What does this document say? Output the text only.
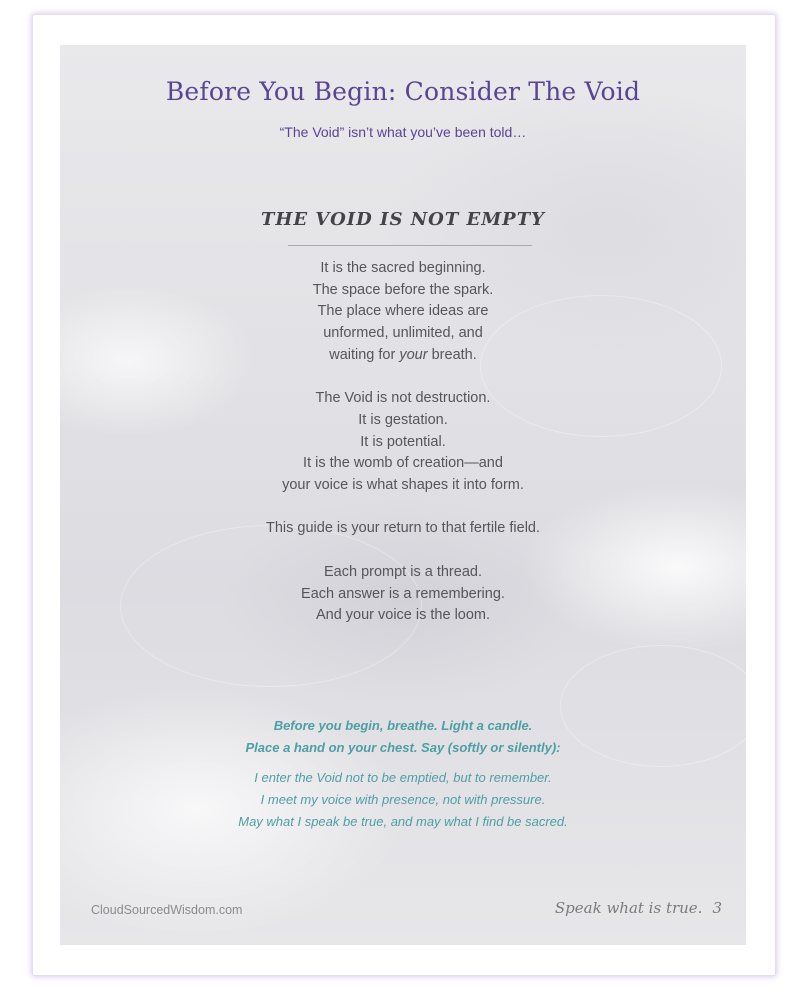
Before You Begin: Consider The Void
“The Void” isn’t what you’ve been told…
THE VOID IS NOT EMPTY
It is the sacred beginning.
The space before the spark.
The place where ideas are
unformed, unlimited, and
waiting for your breath.
The Void is not destruction.
It is gestation.
It is potential.
It is the womb of creation—and
your voice is what shapes it into form.
This guide is your return to that fertile field.
Each prompt is a thread.
Each answer is a remembering.
And your voice is the loom.
Before you begin, breathe. Light a candle.
Place a hand on your chest. Say (softly or silently):
I enter the Void not to be emptied, but to remember.
I meet my voice with presence, not with pressure.
May what I speak be true, and may what I find be sacred.
CloudSourcedWisdom.com	Speak what is true. 3
